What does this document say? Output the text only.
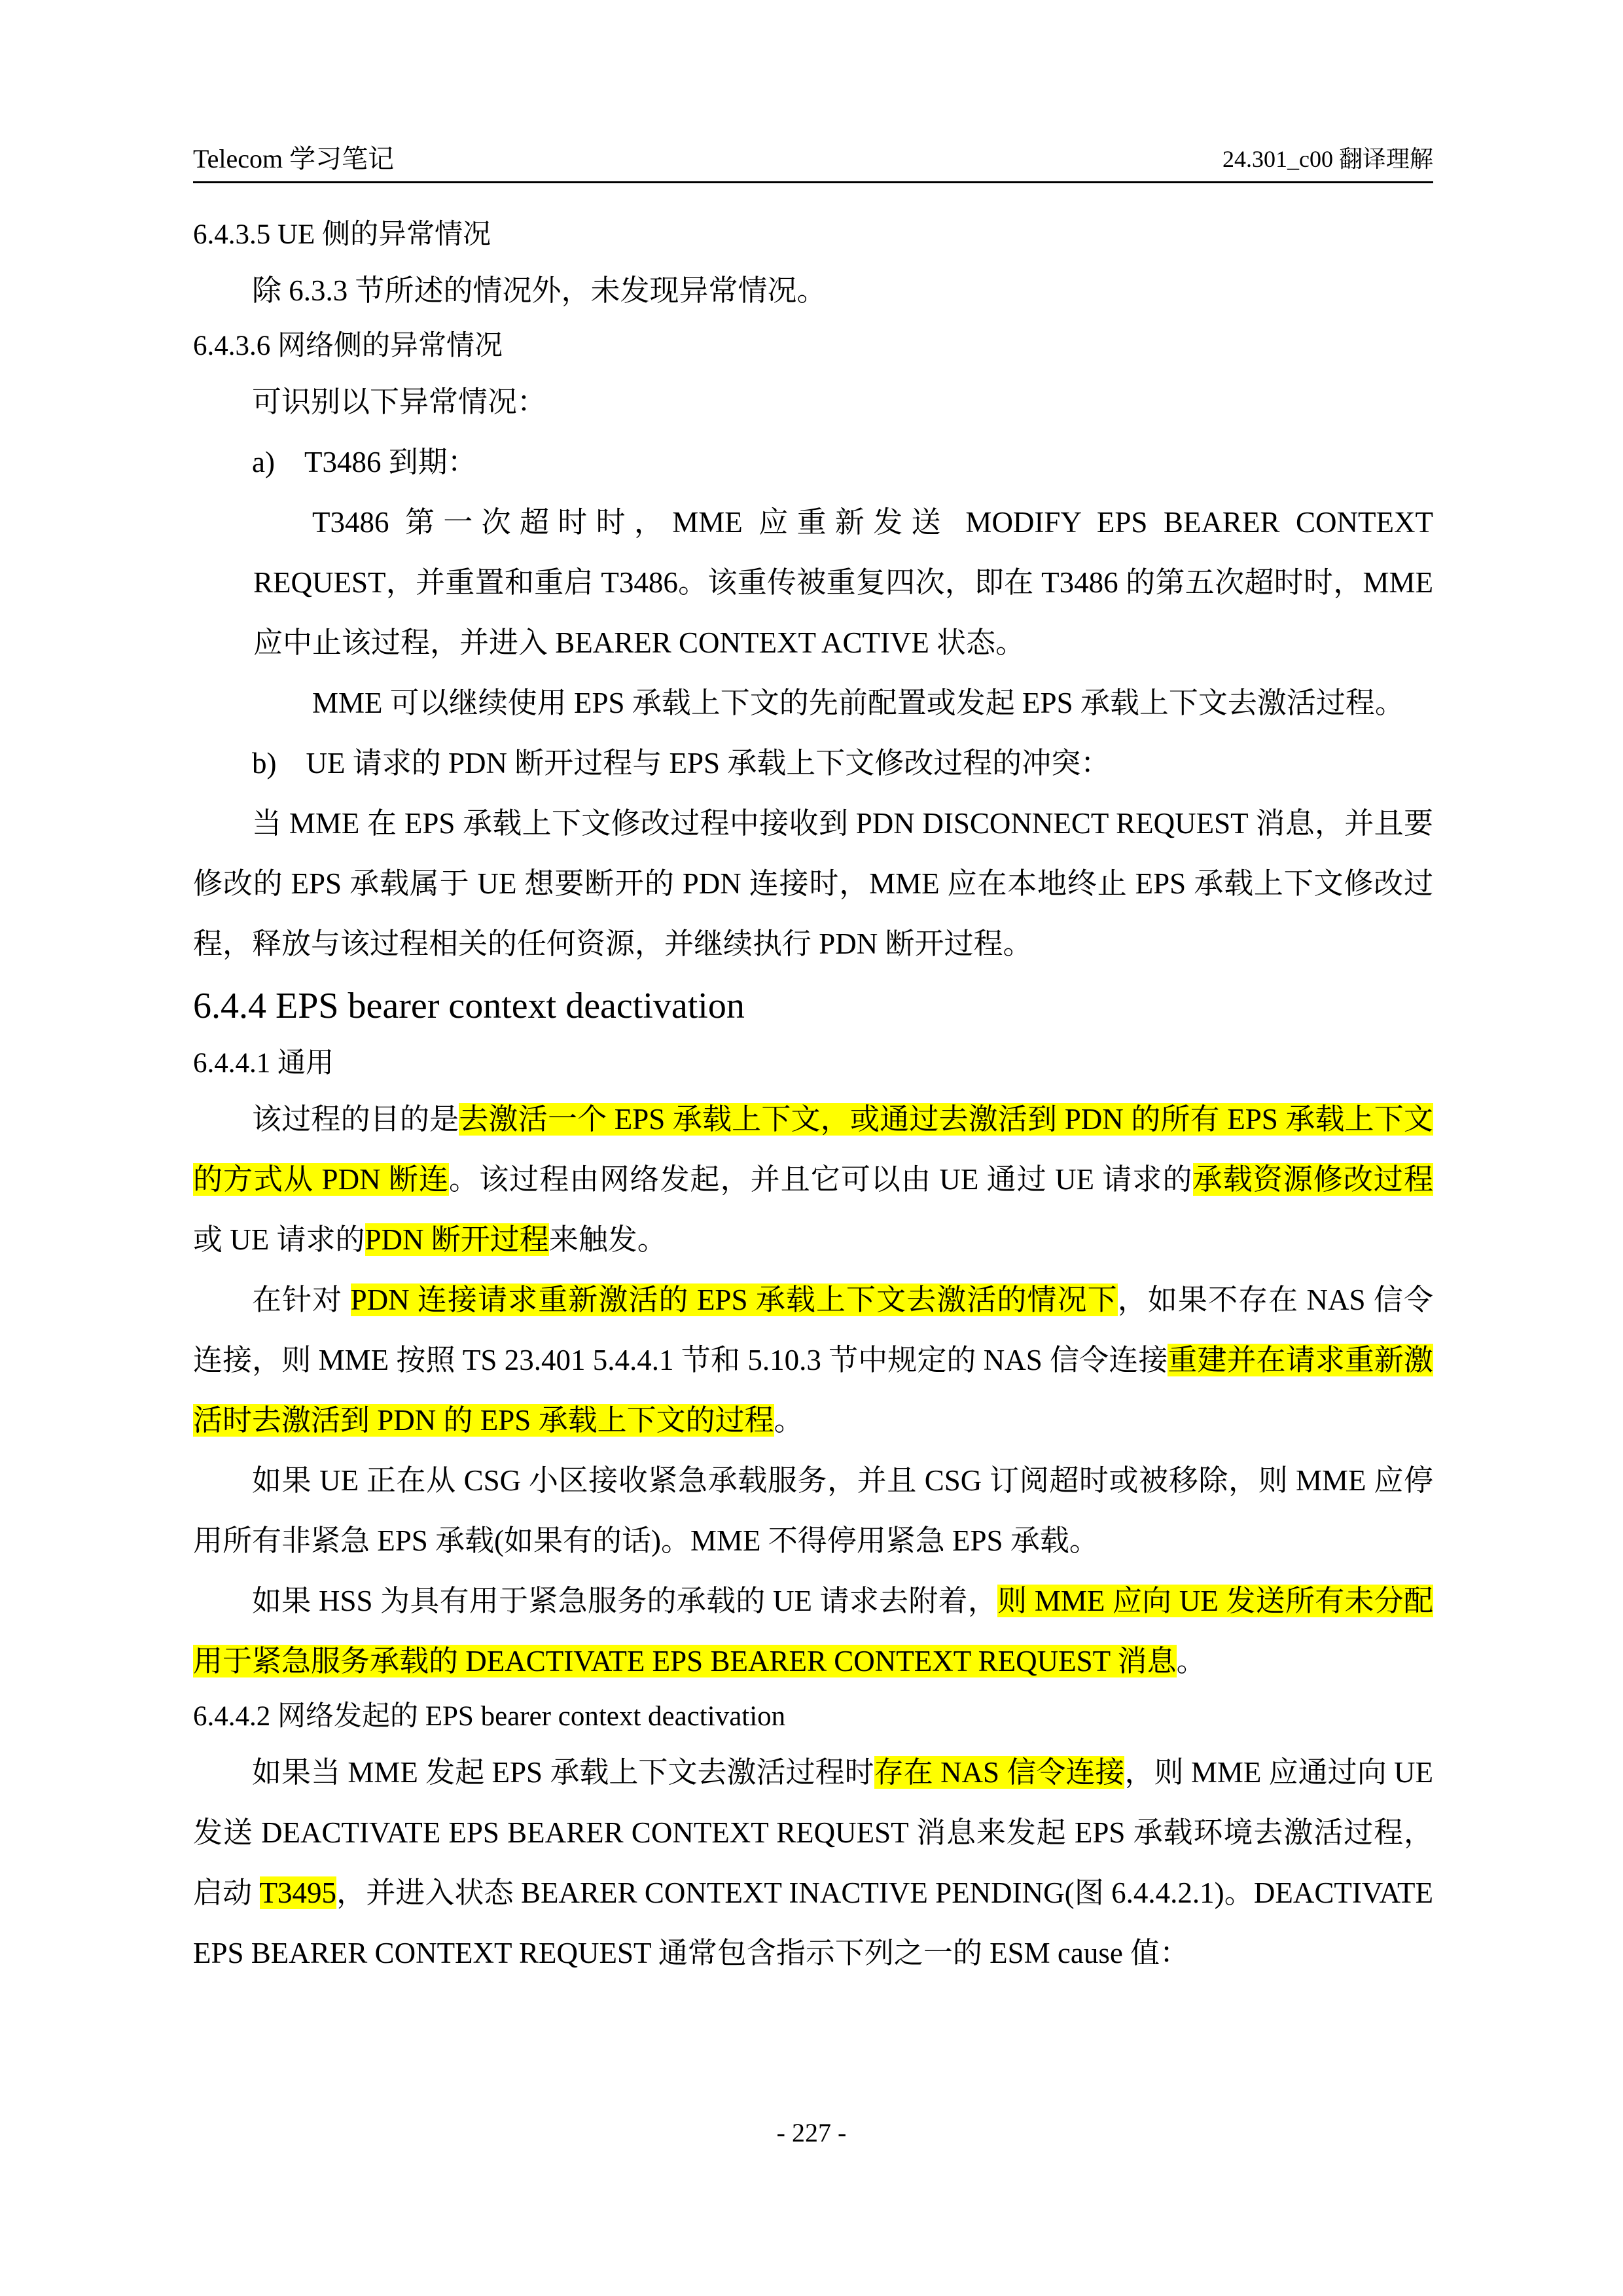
Telecom 学习笔记	24.301_c00 翻译理解

6.4.3.5 UE 侧的异常情况

除 6.3.3 节所述的情况外，未发现异常情况。

6.4.3.6 网络侧的异常情况

可识别以下异常情况：

a)　T3486 到期：

T3486 第一次超时时，MME 应重新发送 MODIFY EPS BEARER CONTEXT REQUEST，并重置和重启 T3486。该重传被重复四次，即在 T3486 的第五次超时时，MME 应中止该过程，并进入 BEARER CONTEXT ACTIVE 状态。

MME 可以继续使用 EPS 承载上下文的先前配置或发起 EPS 承载上下文去激活过程。

b)　UE 请求的 PDN 断开过程与 EPS 承载上下文修改过程的冲突：

当 MME 在 EPS 承载上下文修改过程中接收到 PDN DISCONNECT REQUEST 消息，并且要修改的 EPS 承载属于 UE 想要断开的 PDN 连接时，MME 应在本地终止 EPS 承载上下文修改过程，释放与该过程相关的任何资源，并继续执行 PDN 断开过程。

6.4.4 EPS bearer context deactivation

6.4.4.1 通用

该过程的目的是去激活一个 EPS 承载上下文，或通过去激活到 PDN 的所有 EPS 承载上下文的方式从 PDN 断连。该过程由网络发起，并且它可以由 UE 通过 UE 请求的承载资源修改过程或 UE 请求的PDN 断开过程来触发。

在针对 PDN 连接请求重新激活的 EPS 承载上下文去激活的情况下，如果不存在 NAS 信令连接，则 MME 按照 TS 23.401 5.4.4.1 节和 5.10.3 节中规定的 NAS 信令连接重建并在请求重新激活时去激活到 PDN 的 EPS 承载上下文的过程。

如果 UE 正在从 CSG 小区接收紧急承载服务，并且 CSG 订阅超时或被移除，则 MME 应停用所有非紧急 EPS 承载(如果有的话)。MME 不得停用紧急 EPS 承载。

如果 HSS 为具有用于紧急服务的承载的 UE 请求去附着，则 MME 应向 UE 发送所有未分配用于紧急服务承载的 DEACTIVATE EPS BEARER CONTEXT REQUEST 消息。

6.4.4.2 网络发起的 EPS bearer context deactivation

如果当 MME 发起 EPS 承载上下文去激活过程时存在 NAS 信令连接，则 MME 应通过向 UE 发送 DEACTIVATE EPS BEARER CONTEXT REQUEST 消息来发起 EPS 承载环境去激活过程，启动 T3495，并进入状态 BEARER CONTEXT INACTIVE PENDING(图 6.4.4.2.1)。DEACTIVATE EPS BEARER CONTEXT REQUEST 通常包含指示下列之一的 ESM cause 值：

- 227 -
